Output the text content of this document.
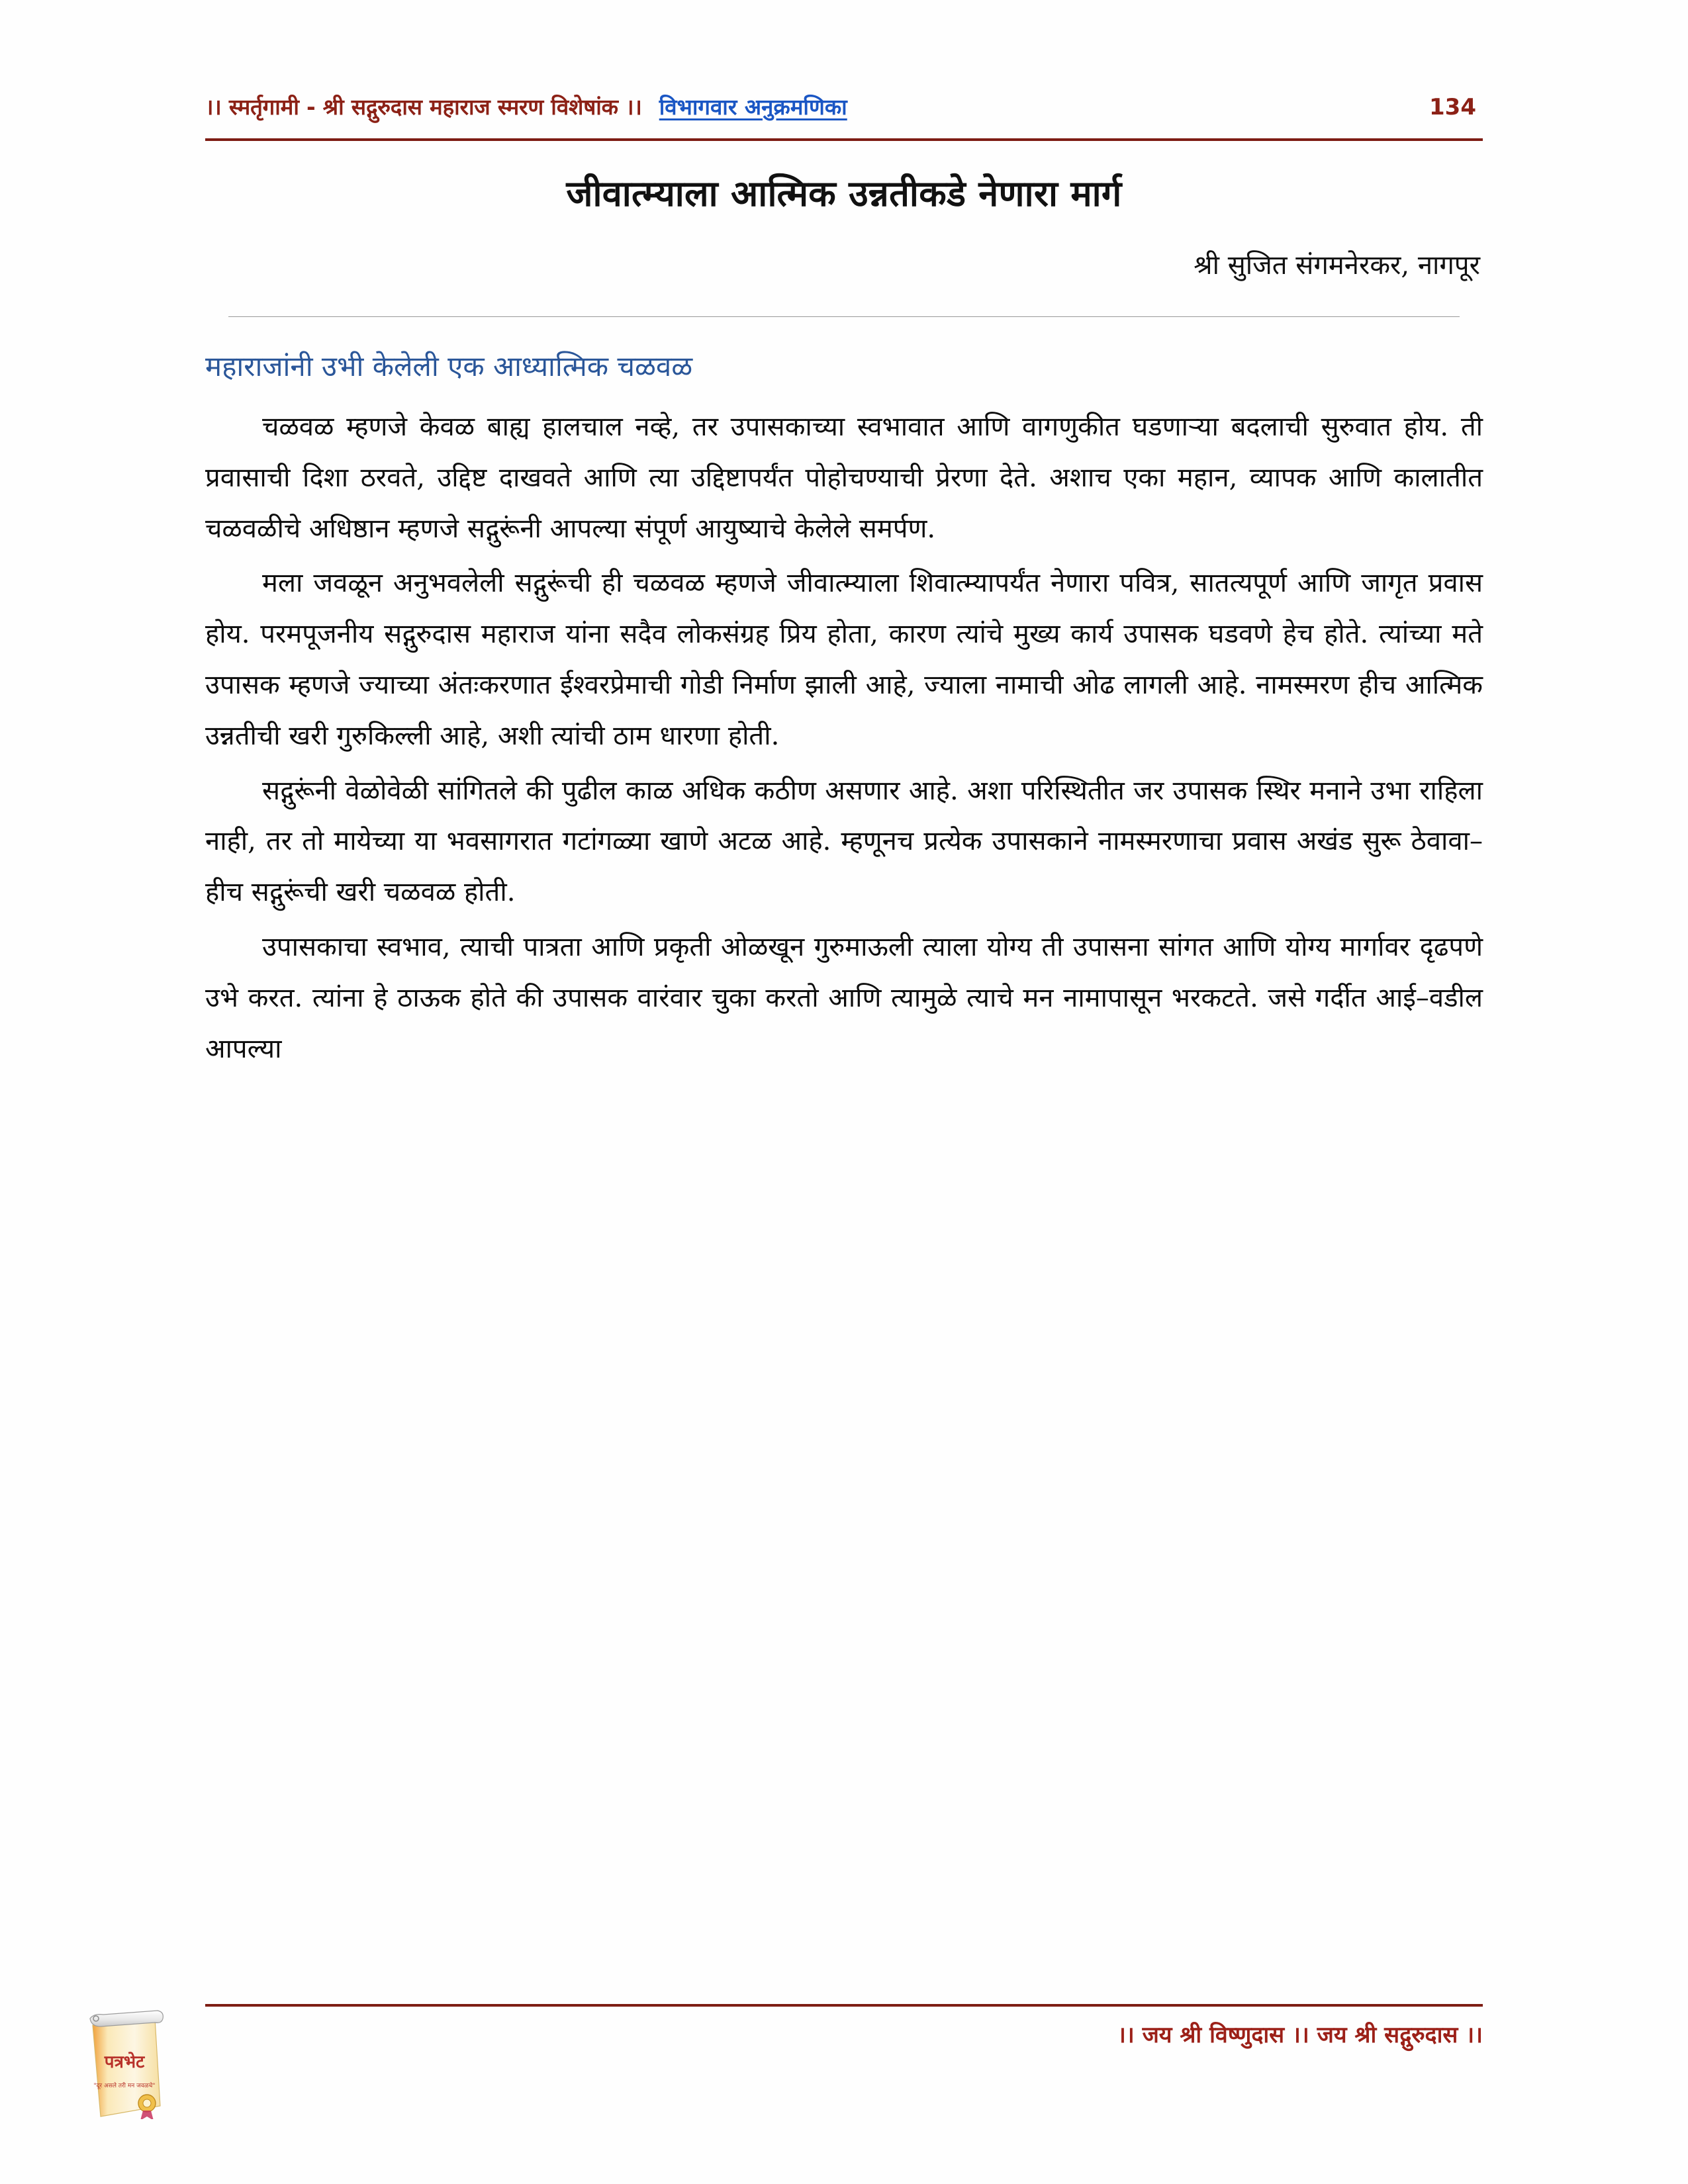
।। स्मर्तृगामी - श्री सद्गुरुदास महाराज स्मरण विशेषांक ।। विभागवार अनुक्रमणिका	134
जीवात्म्याला आत्मिक उन्नतीकडे नेणारा मार्ग
श्री सुजित संगमनेरकर, नागपूर
महाराजांनी उभी केलेली एक आध्यात्मिक चळवळ

चळवळ म्हणजे केवळ बाह्य हालचाल नव्हे, तर उपासकाच्या स्वभावात आणि वागणुकीत घडणाऱ्या बदलाची सुरुवात होय. ती प्रवासाची दिशा ठरवते, उद्दिष्ट दाखवते आणि त्या उद्दिष्टापर्यंत पोहोचण्याची प्रेरणा देते. अशाच एका महान, व्यापक आणि कालातीत चळवळीचे अधिष्ठान म्हणजे सद्गुरूंनी आपल्या संपूर्ण आयुष्याचे केलेले समर्पण.

मला जवळून अनुभवलेली सद्गुरूंची ही चळवळ म्हणजे जीवात्म्याला शिवात्म्यापर्यंत नेणारा पवित्र, सातत्यपूर्ण आणि जागृत प्रवास होय. परमपूजनीय सद्गुरुदास महाराज यांना सदैव लोकसंग्रह प्रिय होता, कारण त्यांचे मुख्य कार्य उपासक घडवणे हेच होते. त्यांच्या मते उपासक म्हणजे ज्याच्या अंतःकरणात ईश्वरप्रेमाची गोडी निर्माण झाली आहे, ज्याला नामाची ओढ लागली आहे. नामस्मरण हीच आत्मिक उन्नतीची खरी गुरुकिल्ली आहे, अशी त्यांची ठाम धारणा होती.

सद्गुरूंनी वेळोवेळी सांगितले की पुढील काळ अधिक कठीण असणार आहे. अशा परिस्थितीत जर उपासक स्थिर मनाने उभा राहिला नाही, तर तो मायेच्या या भवसागरात गटांगळ्या खाणे अटळ आहे. म्हणूनच प्रत्येक उपासकाने नामस्मरणाचा प्रवास अखंड सुरू ठेवावा–हीच सद्गुरूंची खरी चळवळ होती.

उपासकाचा स्वभाव, त्याची पात्रता आणि प्रकृती ओळखून गुरुमाऊली त्याला योग्य ती उपासना सांगत आणि योग्य मार्गावर दृढपणे उभे करत. त्यांना हे ठाऊक होते की उपासक वारंवार चुका करतो आणि त्यामुळे त्याचे मन नामापासून भरकटते. जसे गर्दीत आई–वडील आपल्या

पत्रभेट
"दूर असले तरी मन जवळचे"
।। जय श्री विष्णुदास ।। जय श्री सद्गुरुदास ।।
